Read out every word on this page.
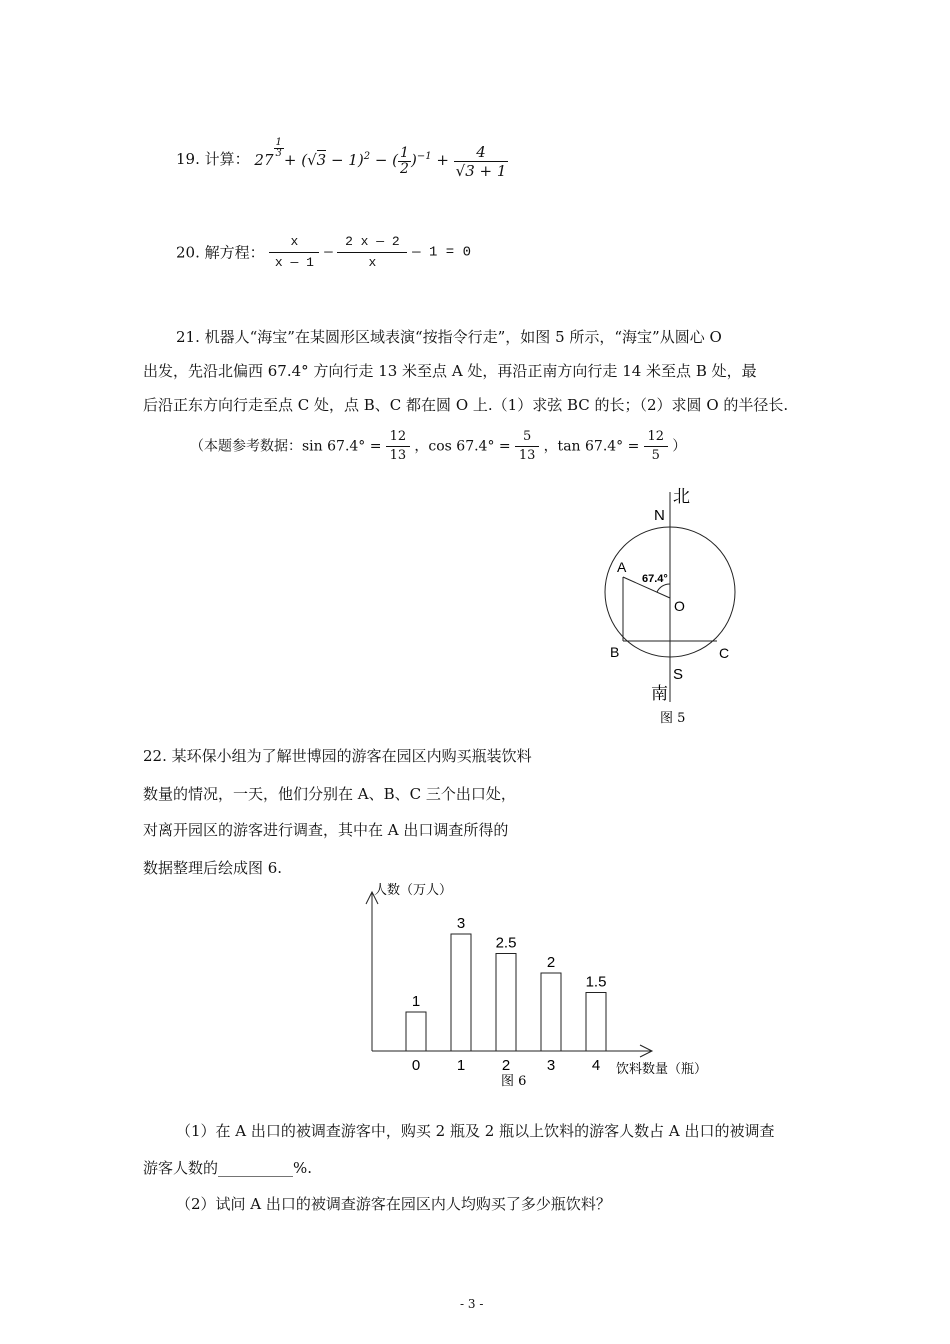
19. 计算： 27
$^{\frac{1}{3}}$
+ $(√3 - 1)^2$ − ( $\frac{1}{2} )^{-1} + \frac{4}{√3 + 1}$
20. 解方程： $\frac{x}{x — 1}$ — $\frac{2 x — 2}{x}$ — 1 = 0
21. 机器人“海宝”在某圆形区域表演“按指令行走”，如图 5 所示，“海宝”从圆心 O
出发，先沿北偏西 67.4° 方向行走 13 米至点 A 处，再沿正南方向行走 14 米至点 B 处，最
后沿正东方向行走至点 C 处，点 B、C 都在圆 O 上.（1）求弦 BC 的长；（2）求圆 O 的半径长.
（本题参考数据：$\sin 67.4^\circ = \frac{12}{13}$ ，$\cos 67.4^\circ = \frac{5}{13}$ ，$\tan 67.4^\circ = \frac{12}{5}$ ）
北
N
A
67.4°
O
B	C
S
南
图 5
22. 某环保小组为了解世博园的游客在园区内购买瓶装饮料
数量的情况，一天，他们分别在 A、B、C 三个出口处，
对离开园区的游客进行调查，其中在 A 出口调查所得的
数据整理后绘成图 6.
人数（万人）
饮料数量（瓶）
图 6
1
0
3
1
2.5
2
2
3
1.5
4
（1）在 A 出口的被调查游客中，购买 2 瓶及 2 瓶以上饮料的游客人数占 A 出口的被调查
游客人数的__________%.
（2）试问 A 出口的被调查游客在园区内人均购买了多少瓶饮料？
- 3 -
